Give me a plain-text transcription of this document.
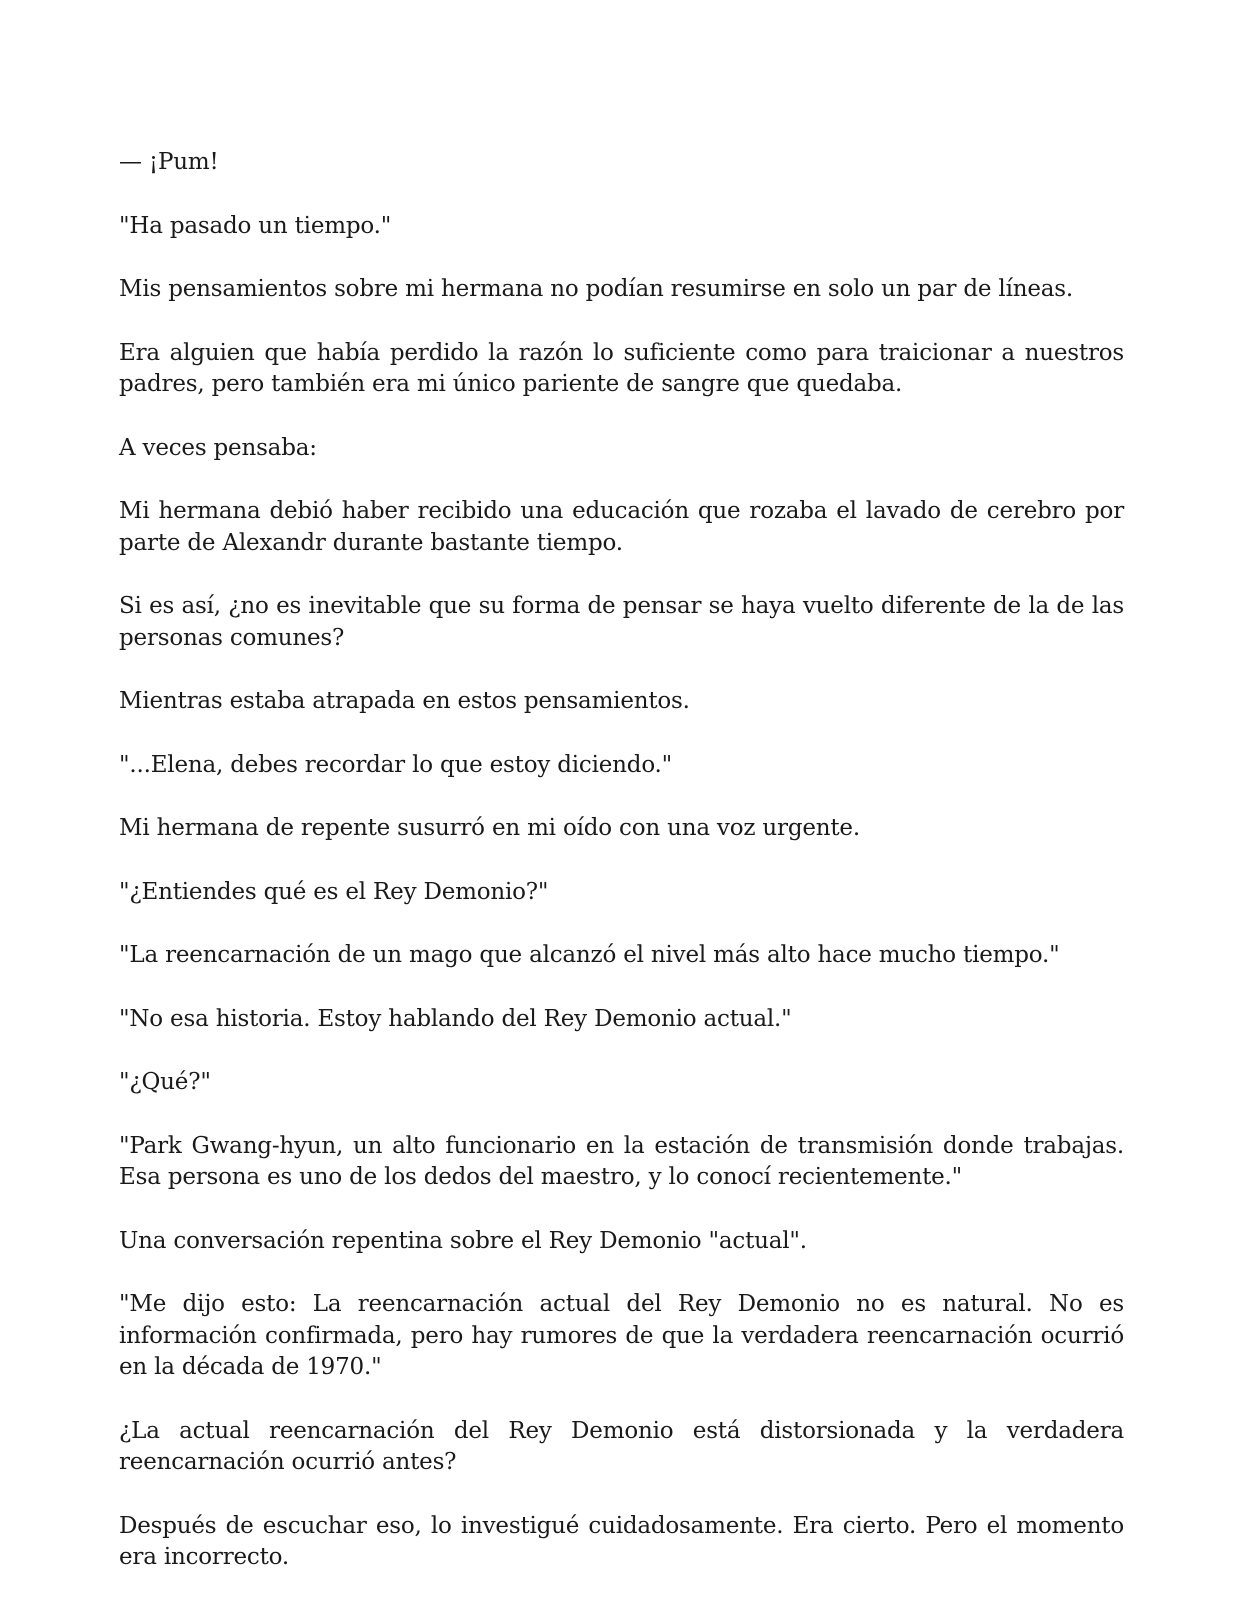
— ¡Pum!

"Ha pasado un tiempo."

Mis pensamientos sobre mi hermana no podían resumirse en solo un par de líneas.

Era alguien que había perdido la razón lo suficiente como para traicionar a nuestros padres, pero también era mi único pariente de sangre que quedaba.

A veces pensaba:

Mi hermana debió haber recibido una educación que rozaba el lavado de cerebro por parte de Alexandr durante bastante tiempo.

Si es así, ¿no es inevitable que su forma de pensar se haya vuelto diferente de la de las personas comunes?

Mientras estaba atrapada en estos pensamientos.

"...Elena, debes recordar lo que estoy diciendo."

Mi hermana de repente susurró en mi oído con una voz urgente.

"¿Entiendes qué es el Rey Demonio?"

"La reencarnación de un mago que alcanzó el nivel más alto hace mucho tiempo."

"No esa historia. Estoy hablando del Rey Demonio actual."

"¿Qué?"

"Park Gwang-hyun, un alto funcionario en la estación de transmisión donde trabajas. Esa persona es uno de los dedos del maestro, y lo conocí recientemente."

Una conversación repentina sobre el Rey Demonio "actual".

"Me dijo esto: La reencarnación actual del Rey Demonio no es natural. No es información confirmada, pero hay rumores de que la verdadera reencarnación ocurrió en la década de 1970."

¿La actual reencarnación del Rey Demonio está distorsionada y la verdadera reencarnación ocurrió antes?

Después de escuchar eso, lo investigué cuidadosamente. Era cierto. Pero el momento era incorrecto.
